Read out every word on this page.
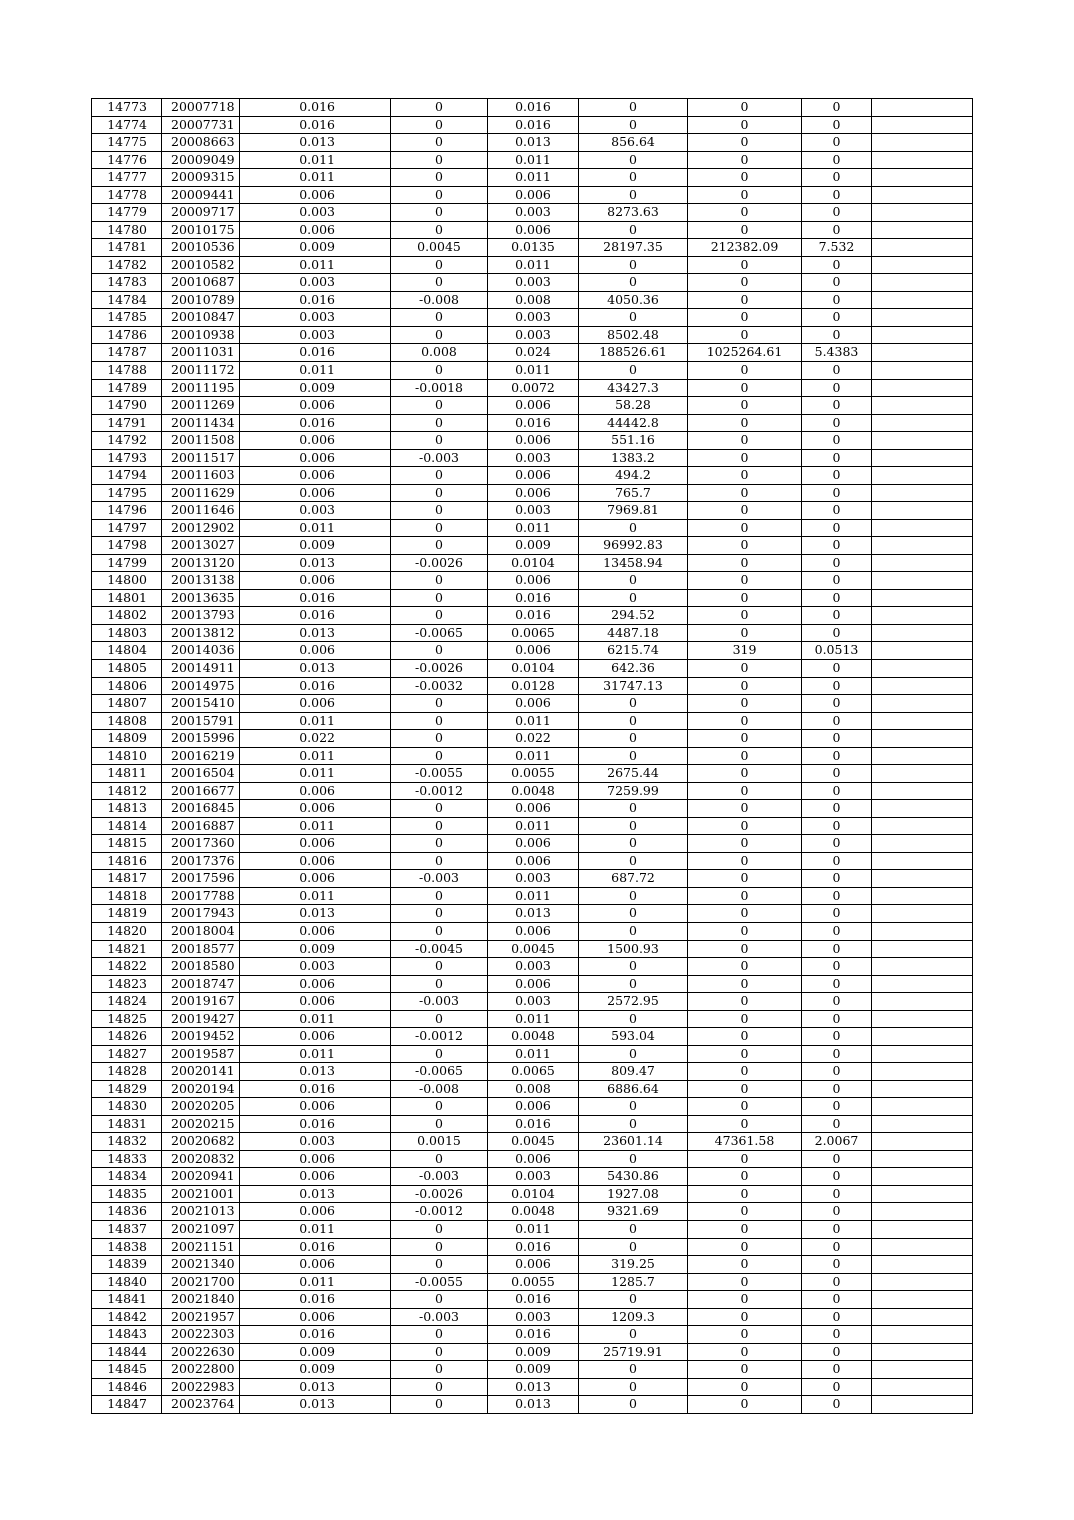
14773	20007718	0.016	0	0.016	0	0	0	
14774	20007731	0.016	0	0.016	0	0	0	
14775	20008663	0.013	0	0.013	856.64	0	0	
14776	20009049	0.011	0	0.011	0	0	0	
14777	20009315	0.011	0	0.011	0	0	0	
14778	20009441	0.006	0	0.006	0	0	0	
14779	20009717	0.003	0	0.003	8273.63	0	0	
14780	20010175	0.006	0	0.006	0	0	0	
14781	20010536	0.009	0.0045	0.0135	28197.35	212382.09	7.532	
14782	20010582	0.011	0	0.011	0	0	0	
14783	20010687	0.003	0	0.003	0	0	0	
14784	20010789	0.016	-0.008	0.008	4050.36	0	0	
14785	20010847	0.003	0	0.003	0	0	0	
14786	20010938	0.003	0	0.003	8502.48	0	0	
14787	20011031	0.016	0.008	0.024	188526.61	1025264.61	5.4383	
14788	20011172	0.011	0	0.011	0	0	0	
14789	20011195	0.009	-0.0018	0.0072	43427.3	0	0	
14790	20011269	0.006	0	0.006	58.28	0	0	
14791	20011434	0.016	0	0.016	44442.8	0	0	
14792	20011508	0.006	0	0.006	551.16	0	0	
14793	20011517	0.006	-0.003	0.003	1383.2	0	0	
14794	20011603	0.006	0	0.006	494.2	0	0	
14795	20011629	0.006	0	0.006	765.7	0	0	
14796	20011646	0.003	0	0.003	7969.81	0	0	
14797	20012902	0.011	0	0.011	0	0	0	
14798	20013027	0.009	0	0.009	96992.83	0	0	
14799	20013120	0.013	-0.0026	0.0104	13458.94	0	0	
14800	20013138	0.006	0	0.006	0	0	0	
14801	20013635	0.016	0	0.016	0	0	0	
14802	20013793	0.016	0	0.016	294.52	0	0	
14803	20013812	0.013	-0.0065	0.0065	4487.18	0	0	
14804	20014036	0.006	0	0.006	6215.74	319	0.0513	
14805	20014911	0.013	-0.0026	0.0104	642.36	0	0	
14806	20014975	0.016	-0.0032	0.0128	31747.13	0	0	
14807	20015410	0.006	0	0.006	0	0	0	
14808	20015791	0.011	0	0.011	0	0	0	
14809	20015996	0.022	0	0.022	0	0	0	
14810	20016219	0.011	0	0.011	0	0	0	
14811	20016504	0.011	-0.0055	0.0055	2675.44	0	0	
14812	20016677	0.006	-0.0012	0.0048	7259.99	0	0	
14813	20016845	0.006	0	0.006	0	0	0	
14814	20016887	0.011	0	0.011	0	0	0	
14815	20017360	0.006	0	0.006	0	0	0	
14816	20017376	0.006	0	0.006	0	0	0	
14817	20017596	0.006	-0.003	0.003	687.72	0	0	
14818	20017788	0.011	0	0.011	0	0	0	
14819	20017943	0.013	0	0.013	0	0	0	
14820	20018004	0.006	0	0.006	0	0	0	
14821	20018577	0.009	-0.0045	0.0045	1500.93	0	0	
14822	20018580	0.003	0	0.003	0	0	0	
14823	20018747	0.006	0	0.006	0	0	0	
14824	20019167	0.006	-0.003	0.003	2572.95	0	0	
14825	20019427	0.011	0	0.011	0	0	0	
14826	20019452	0.006	-0.0012	0.0048	593.04	0	0	
14827	20019587	0.011	0	0.011	0	0	0	
14828	20020141	0.013	-0.0065	0.0065	809.47	0	0	
14829	20020194	0.016	-0.008	0.008	6886.64	0	0	
14830	20020205	0.006	0	0.006	0	0	0	
14831	20020215	0.016	0	0.016	0	0	0	
14832	20020682	0.003	0.0015	0.0045	23601.14	47361.58	2.0067	
14833	20020832	0.006	0	0.006	0	0	0	
14834	20020941	0.006	-0.003	0.003	5430.86	0	0	
14835	20021001	0.013	-0.0026	0.0104	1927.08	0	0	
14836	20021013	0.006	-0.0012	0.0048	9321.69	0	0	
14837	20021097	0.011	0	0.011	0	0	0	
14838	20021151	0.016	0	0.016	0	0	0	
14839	20021340	0.006	0	0.006	319.25	0	0	
14840	20021700	0.011	-0.0055	0.0055	1285.7	0	0	
14841	20021840	0.016	0	0.016	0	0	0	
14842	20021957	0.006	-0.003	0.003	1209.3	0	0	
14843	20022303	0.016	0	0.016	0	0	0	
14844	20022630	0.009	0	0.009	25719.91	0	0	
14845	20022800	0.009	0	0.009	0	0	0	
14846	20022983	0.013	0	0.013	0	0	0	
14847	20023764	0.013	0	0.013	0	0	0	
